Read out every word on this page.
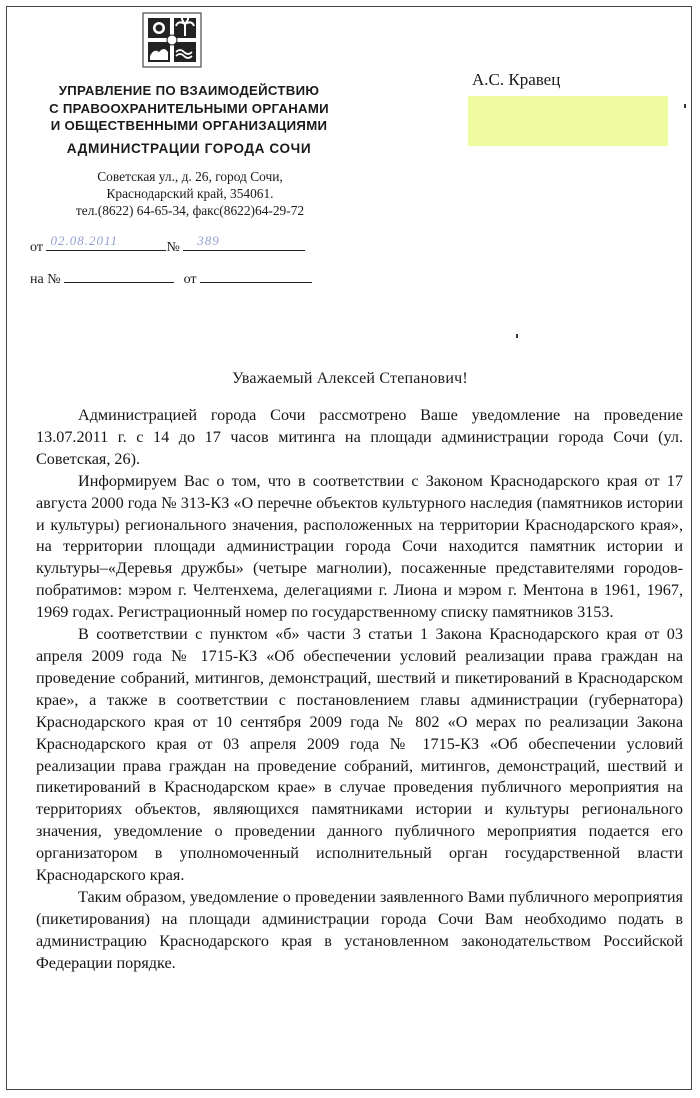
УПРАВЛЕНИЕ ПО ВЗАИМОДЕЙСТВИЮ
С ПРАВООХРАНИТЕЛЬНЫМИ ОРГАНАМИ
И ОБЩЕСТВЕННЫМИ ОРГАНИЗАЦИЯМИ
АДМИНИСТРАЦИИ ГОРОДА СОЧИ
Советская ул., д. 26, город Сочи,
Краснодарский край, 354061.
тел.(8622) 64-65-34, факс(8622)64-29-72
от 02.08.2011	№ 389
на №	от
А.С. Кравец
Уважаемый Алексей Степанович!

Администрацией города Сочи рассмотрено Ваше уведомление на проведение 13.07.2011 г. с 14 до 17 часов митинга на площади администрации города Сочи (ул. Советская, 26).

Информируем Вас о том, что в соответствии с Законом Краснодарского края от 17 августа 2000 года № 313-КЗ «О перечне объектов культурного наследия (памятников истории и культуры) регионального значения, расположенных на территории Краснодарского края», на территории площади администрации города Сочи находится памятник истории и культуры–«Деревья дружбы» (четыре магнолии), посаженные представителями городов-побратимов: мэром г. Челтенхема, делегациями г. Лиона и мэром г. Ментона в 1961, 1967, 1969 годах. Регистрационный номер по государственному списку памятников 3153.

В соответствии с пунктом «б» части 3 статьи 1 Закона Краснодарского края от 03 апреля 2009 года № 1715-КЗ «Об обеспечении условий реализации права граждан на проведение собраний, митингов, демонстраций, шествий и пикетирований в Краснодарском крае», а также в соответствии с постановлением главы администрации (губернатора) Краснодарского края от 10 сентября 2009 года № 802 «О мерах по реализации Закона Краснодарского края от 03 апреля 2009 года № 1715-КЗ «Об обеспечении условий реализации права граждан на проведение собраний, митингов, демонстраций, шествий и пикетирований в Краснодарском крае» в случае проведения публичного мероприятия на территориях объектов, являющихся памятниками истории и культуры регионального значения, уведомление о проведении данного публичного мероприятия подается его организатором в уполномоченный исполнительный орган государственной власти Краснодарского края.

Таким образом, уведомление о проведении заявленного Вами публичного мероприятия (пикетирования) на площади администрации города Сочи Вам необходимо подать в администрацию Краснодарского края в установленном законодательством Российской Федерации порядке.
